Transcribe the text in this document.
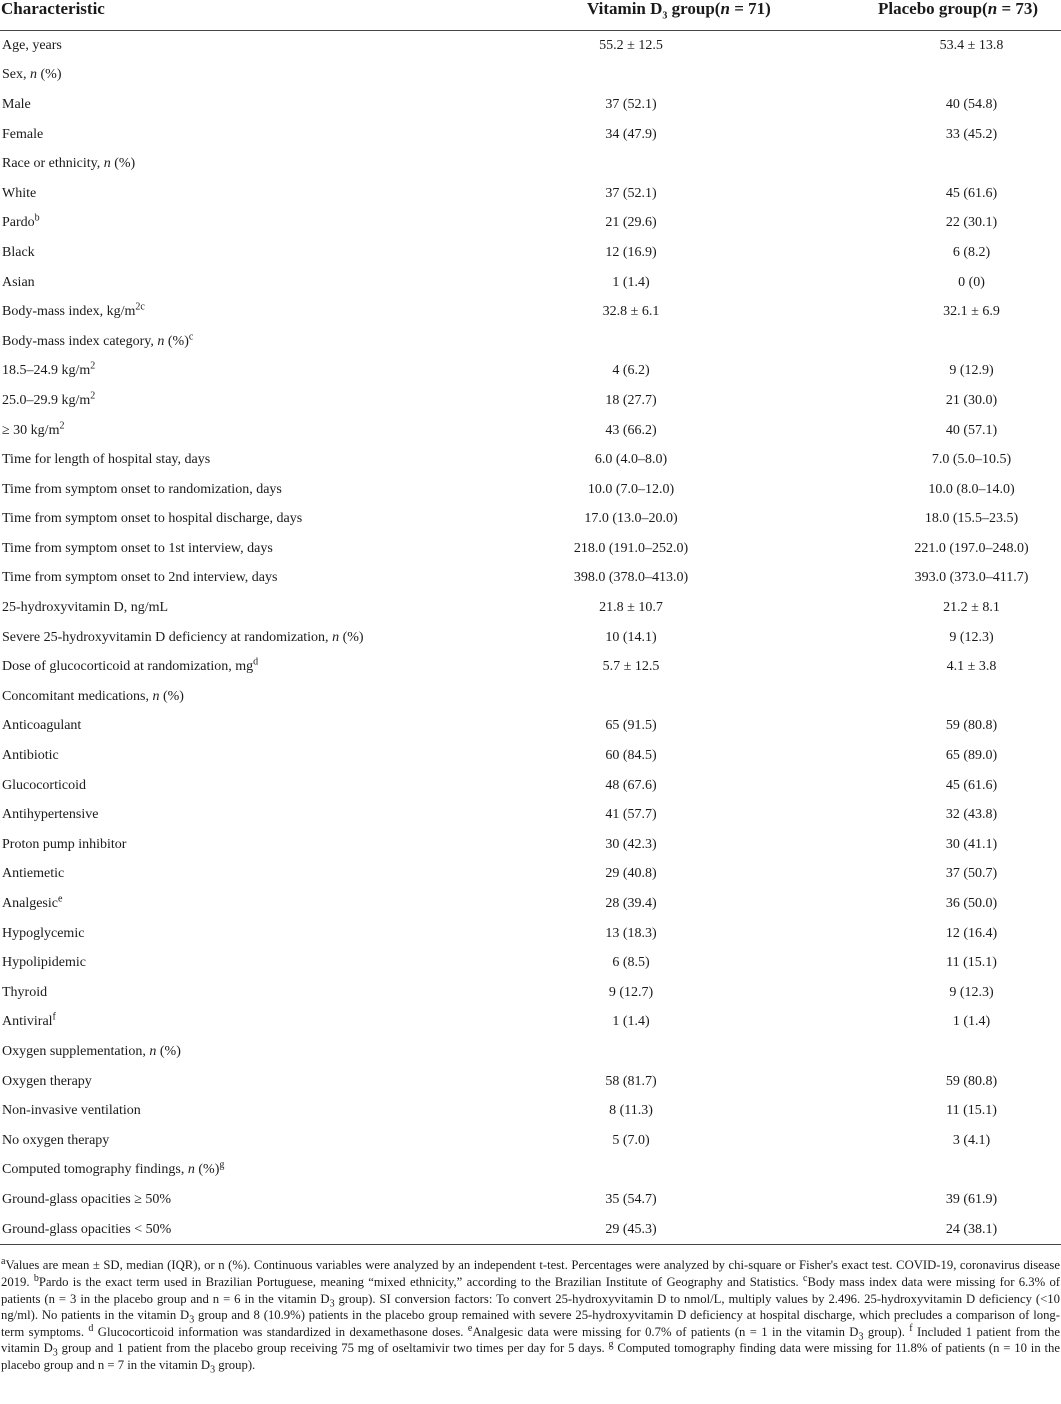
Characteristic	Vitamin $D_3$ group(n = 71)	Placebo group(n = 73)
Age, years	55.2 ± 12.5	53.4 ± 13.8
Sex, n (%)		
Male	37 (52.1)	40 (54.8)
Female	34 (47.9)	33 (45.2)
Race or ethnicity, n (%)		
White	37 (52.1)	45 (61.6)
Pardo$^b$	21 (29.6)	22 (30.1)
Black	12 (16.9)	6 (8.2)
Asian	1 (1.4)	0 (0)
Body-mass index, $kg/m^{2c}$	32.8 ± 6.1	32.1 ± 6.9
Body-mass index category, n (%)$^c$		
18.5–24.9 $kg/m^2$	4 (6.2)	9 (12.9)
25.0–29.9 $kg/m^2$	18 (27.7)	21 (30.0)
≥ 30 $kg/m^2$	43 (66.2)	40 (57.1)
Time for length of hospital stay, days	6.0 (4.0–8.0)	7.0 (5.0–10.5)
Time from symptom onset to randomization, days	10.0 (7.0–12.0)	10.0 (8.0–14.0)
Time from symptom onset to hospital discharge, days	17.0 (13.0–20.0)	18.0 (15.5–23.5)
Time from symptom onset to 1st interview, days	218.0 (191.0–252.0)	221.0 (197.0–248.0)
Time from symptom onset to 2nd interview, days	398.0 (378.0–413.0)	393.0 (373.0–411.7)
25-hydroxyvitamin D, ng/mL	21.8 ± 10.7	21.2 ± 8.1
Severe 25-hydroxyvitamin D deficiency at randomization, n (%)	10 (14.1)	9 (12.3)
Dose of glucocorticoid at randomization, $mg^d$	5.7 ± 12.5	4.1 ± 3.8
Concomitant medications, n (%)		
Anticoagulant	65 (91.5)	59 (80.8)
Antibiotic	60 (84.5)	65 (89.0)
Glucocorticoid	48 (67.6)	45 (61.6)
Antihypertensive	41 (57.7)	32 (43.8)
Proton pump inhibitor	30 (42.3)	30 (41.1)
Antiemetic	29 (40.8)	37 (50.7)
Analgesic$^e$	28 (39.4)	36 (50.0)
Hypoglycemic	13 (18.3)	12 (16.4)
Hypolipidemic	6 (8.5)	11 (15.1)
Thyroid	9 (12.7)	9 (12.3)
Antiviral$^f$	1 (1.4)	1 (1.4)
Oxygen supplementation, n (%)		
Oxygen therapy	58 (81.7)	59 (80.8)
Non-invasive ventilation	8 (11.3)	11 (15.1)
No oxygen therapy	5 (7.0)	3 (4.1)
Computed tomography findings, n (%)$^g$		
Ground-glass opacities ≥ 50%	35 (54.7)	39 (61.9)
Ground-glass opacities < 50%	29 (45.3)	24 (38.1)

$^a$Values are mean ± SD, median (IQR), or n (%). Continuous variables were analyzed by an independent t-test. Percentages were analyzed by chi-square or Fisher's exact test. COVID-19, coronavirus disease 2019. $^b$Pardo is the exact term used in Brazilian Portuguese, meaning “mixed ethnicity,” according to the Brazilian Institute of Geography and Statistics. $^c$Body mass index data were missing for 6.3% of patients (n = 3 in the placebo group and n = 6 in the vitamin $D_3$ group). SI conversion factors: To convert 25-hydroxyvitamin D to nmol/L, multiply values by 2.496. 25-hydroxyvitamin D deficiency (<10 ng/ml). No patients in the vitamin $D_3$ group and 8 (10.9%) patients in the placebo group remained with severe 25-hydroxyvitamin D deficiency at hospital discharge, which precludes a comparison of long-term symptoms. $^d$ Glucocorticoid information was standardized in dexamethasone doses. $^e$Analgesic data were missing for 0.7% of patients (n = 1 in the vitamin $D_3$ group). $^f$ Included 1 patient from the vitamin $D_3$ group and 1 patient from the placebo group receiving 75 mg of oseltamivir two times per day for 5 days. $^g$ Computed tomography finding data were missing for 11.8% of patients (n = 10 in the placebo group and n = 7 in the vitamin $D_3$ group).
